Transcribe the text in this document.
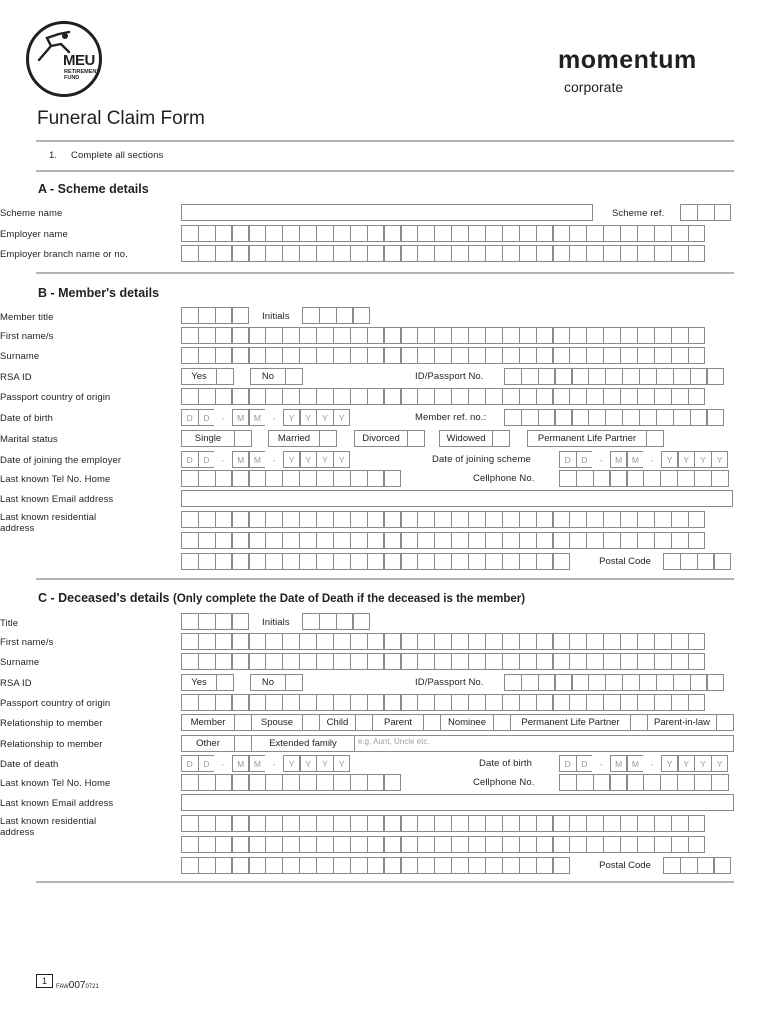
MEU
RETIREMENT
FUND
momentum
corporate
Funeral Claim Form
1. Complete all sections
A - Scheme details
Scheme name	Scheme ref.
Employer name
Employer branch name or no.
B - Member's details
Member title	Initials
First name/s
Surname
RSA ID	Yes	No	ID/Passport No.
Passport country of origin
Date of birth	D	D	-	M	M	-	Y	Y	Y	Y	Member ref. no.:
Marital status	Single	Married	Divorced	Widowed	Permanent Life Partner
Date of joining the employer	D	D	-	M	M	-	Y	Y	Y	Y	Date of joining scheme	D	D	-	M	M	-	Y	Y	Y	Y
Last known Tel No. Home	Cellphone No.
Last known Email address
Last known residential
address
Postal Code
C - Deceased's details (Only complete the Date of Death if the deceased is the member)
Title	Initials
First name/s
Surname
RSA ID	Yes	No	ID/Passport No.
Passport country of origin
Relationship to member	Member	Spouse	Child	Parent	Nominee	Permanent Life Partner	Parent-in-law
Relationship to member	Other	Extended family	e.g. Aunt, Uncle etc.
Date of death	D	D	-	M	M	-	Y	Y	Y	Y	Date of birth	D	D	-	M	M	-	Y	Y	Y	Y
Last known Tel No. Home	Cellphone No.
Last known Email address
Last known residential
address
Postal Code
1
FAW0070721
